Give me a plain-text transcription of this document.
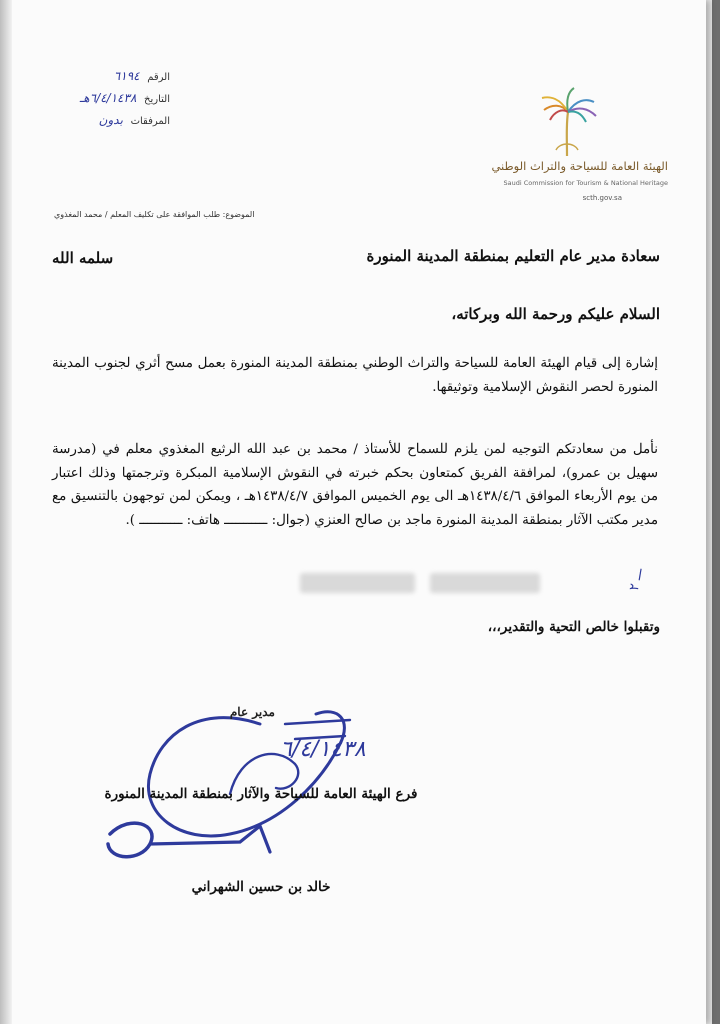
الرقم  ٦١٩٤
التاريخ  ٦/٤/١٤٣٨هـ
المرفقات  بدون
الهيئة العامة للسياحة والتراث الوطني
Saudi Commission for Tourism & National Heritage
scth.gov.sa
الموضوع: طلب الموافقة على تكليف المعلم / محمد المغذوي
سعادة مدير عام التعليم بمنطقة المدينة المنورة
سلمه الله
السلام عليكم ورحمة الله وبركاته،
إشارة إلى قيام الهيئة العامة للسياحة والتراث الوطني بمنطقة المدينة المنورة بعمل مسح أثري لجنوب المدينة المنورة لحصر النقوش الإسلامية وتوثيقها.
نأمل من سعادتكم التوجيه لمن يلزم للسماح للأستاذ / محمد بن عبد الله الرثيع المغذوي معلم في (مدرسة سهيل بن عمرو)، لمرافقة الفريق كمتعاون بحكم خبرته في النقوش الإسلامية المبكرة وترجمتها وذلك اعتبار من يوم الأربعاء الموافق ١٤٣٨/٤/٦هـ الى يوم الخميس الموافق ١٤٣٨/٤/٧هـ ، ويمكن لمن توجهون بالتنسيق مع مدير مكتب الآثار بمنطقة المدينة المنورة ماجد بن صالح العنزي (جوال: ـــــــــــ هاتف: ـــــــــــ ).
ـــ ٢
وتقبلوا خالص التحية والتقدير،،،
٦/٤/١٤٣٨
مدير عام
فرع الهيئة العامة للسياحة والآثار بمنطقة المدينة المنورة
خالد بن حسين الشهراني
